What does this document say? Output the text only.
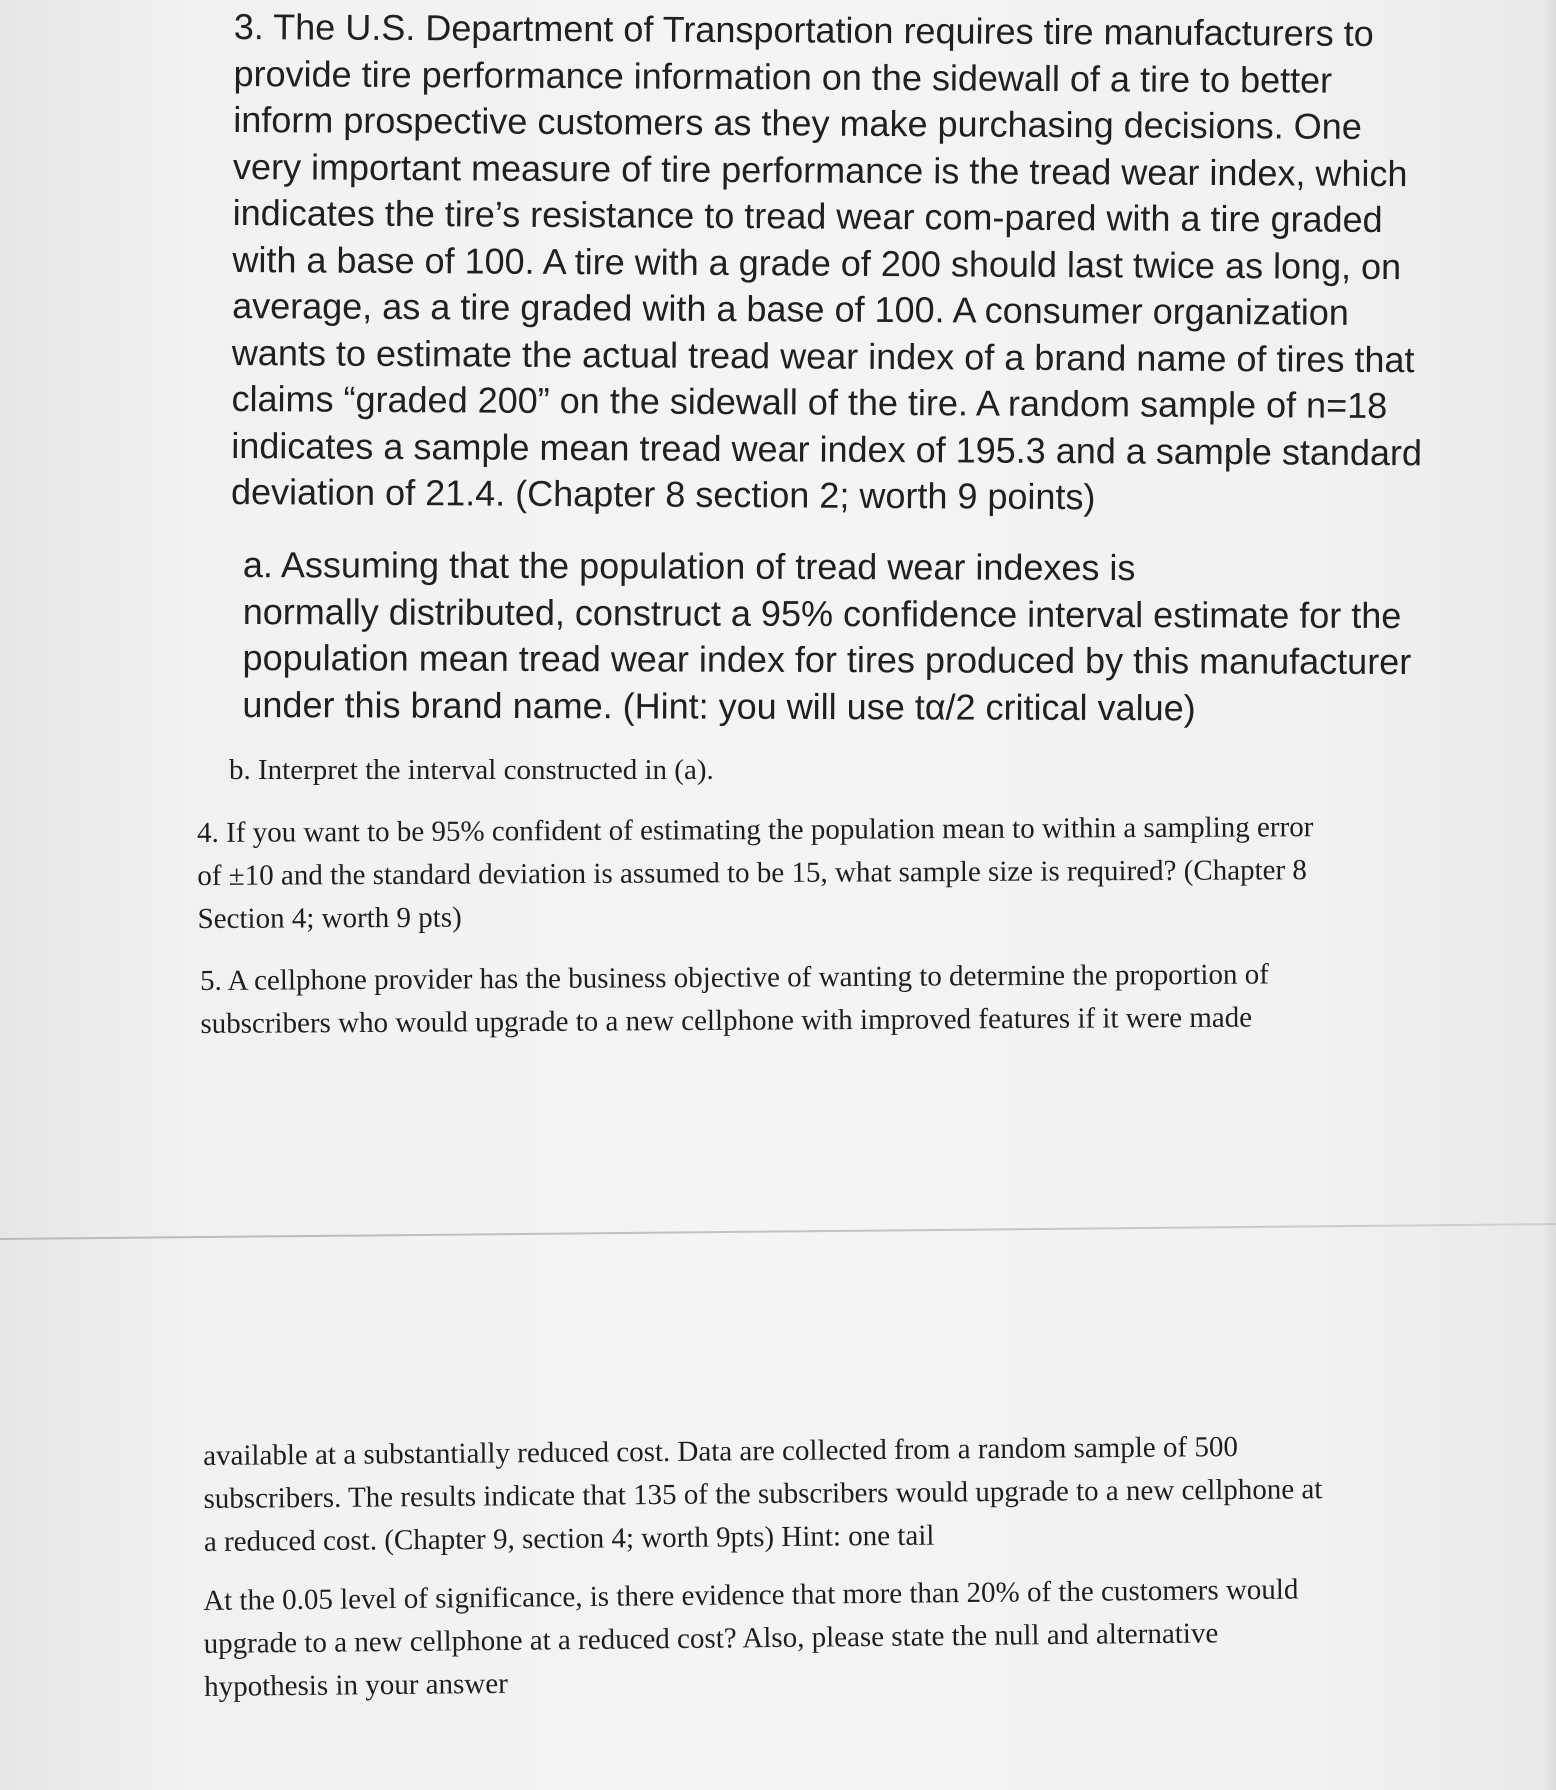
3. The U.S. Department of Transportation requires tire manufacturers to
provide tire performance information on the sidewall of a tire to better
inform prospective customers as they make purchasing decisions. One
very important measure of tire performance is the tread wear index, which
indicates the tire’s resistance to tread wear com-pared with a tire graded
with a base of 100. A tire with a grade of 200 should last twice as long, on
average, as a tire graded with a base of 100. A consumer organization
wants to estimate the actual tread wear index of a brand name of tires that
claims “graded 200” on the sidewall of the tire. A random sample of n=18
indicates a sample mean tread wear index of 195.3 and a sample standard
deviation of 21.4. (Chapter 8 section 2; worth 9 points)

a. Assuming that the population of tread wear indexes is
normally distributed, construct a 95% confidence interval estimate for the
population mean tread wear index for tires produced by this manufacturer
under this brand name. (Hint: you will use tα/2 critical value)

b. Interpret the interval constructed in (a).

4. If you want to be 95% confident of estimating the population mean to within a sampling error
of ±10 and the standard deviation is assumed to be 15, what sample size is required? (Chapter 8
Section 4; worth 9 pts)

5. A cellphone provider has the business objective of wanting to determine the proportion of
subscribers who would upgrade to a new cellphone with improved features if it were made

available at a substantially reduced cost. Data are collected from a random sample of 500
subscribers. The results indicate that 135 of the subscribers would upgrade to a new cellphone at
a reduced cost. (Chapter 9, section 4; worth 9pts) Hint: one tail

At the 0.05 level of significance, is there evidence that more than 20% of the customers would
upgrade to a new cellphone at a reduced cost? Also, please state the null and alternative
hypothesis in your answer
